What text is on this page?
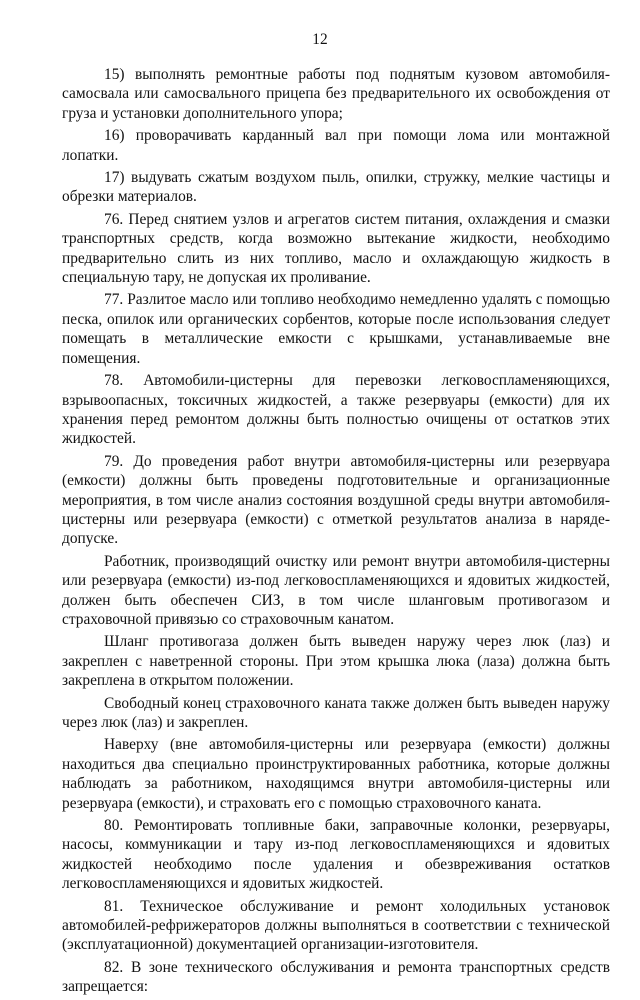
12

15) выполнять ремонтные работы под поднятым кузовом автомобиля-самосвала или самосвального прицепа без предварительного их освобождения от груза и установки дополнительного упора;

16) проворачивать карданный вал при помощи лома или монтажной лопатки.

17) выдувать сжатым воздухом пыль, опилки, стружку, мелкие частицы и обрезки материалов.

76. Перед снятием узлов и агрегатов систем питания, охлаждения и смазки транспортных средств, когда возможно вытекание жидкости, необходимо предварительно слить из них топливо, масло и охлаждающую жидкость в специальную тару, не допуская их проливание.

77. Разлитое масло или топливо необходимо немедленно удалять с помощью песка, опилок или органических сорбентов, которые после использования следует помещать в металлические емкости с крышками, устанавливаемые вне помещения.

78. Автомобили-цистерны для перевозки легковоспламеняющихся, взрывоопасных, токсичных жидкостей, а также резервуары (емкости) для их хранения перед ремонтом должны быть полностью очищены от остатков этих жидкостей.

79. До проведения работ внутри автомобиля-цистерны или резервуара (емкости) должны быть проведены подготовительные и организационные мероприятия, в том числе анализ состояния воздушной среды внутри автомобиля-цистерны или резервуара (емкости) с отметкой результатов анализа в наряде-допуске.

Работник, производящий очистку или ремонт внутри автомобиля-цистерны или резервуара (емкости) из-под легковоспламеняющихся и ядовитых жидкостей, должен быть обеспечен СИЗ, в том числе шланговым противогазом и страховочной привязью со страховочным канатом.

Шланг противогаза должен быть выведен наружу через люк (лаз) и закреплен с наветренной стороны. При этом крышка люка (лаза) должна быть закреплена в открытом положении.

Свободный конец страховочного каната также должен быть выведен наружу через люк (лаз) и закреплен.

Наверху (вне автомобиля-цистерны или резервуара (емкости) должны находиться два специально проинструктированных работника, которые должны наблюдать за работником, находящимся внутри автомобиля-цистерны или резервуара (емкости), и страховать его с помощью страховочного каната.

80. Ремонтировать топливные баки, заправочные колонки, резервуары, насосы, коммуникации и тару из-под легковоспламеняющихся и ядовитых жидкостей необходимо после удаления и обезвреживания остатков легковоспламеняющихся и ядовитых жидкостей.

81. Техническое обслуживание и ремонт холодильных установок автомобилей-рефрижераторов должны выполняться в соответствии с технической (эксплуатационной) документацией организации-изготовителя.

82. В зоне технического обслуживания и ремонта транспортных средств запрещается:
